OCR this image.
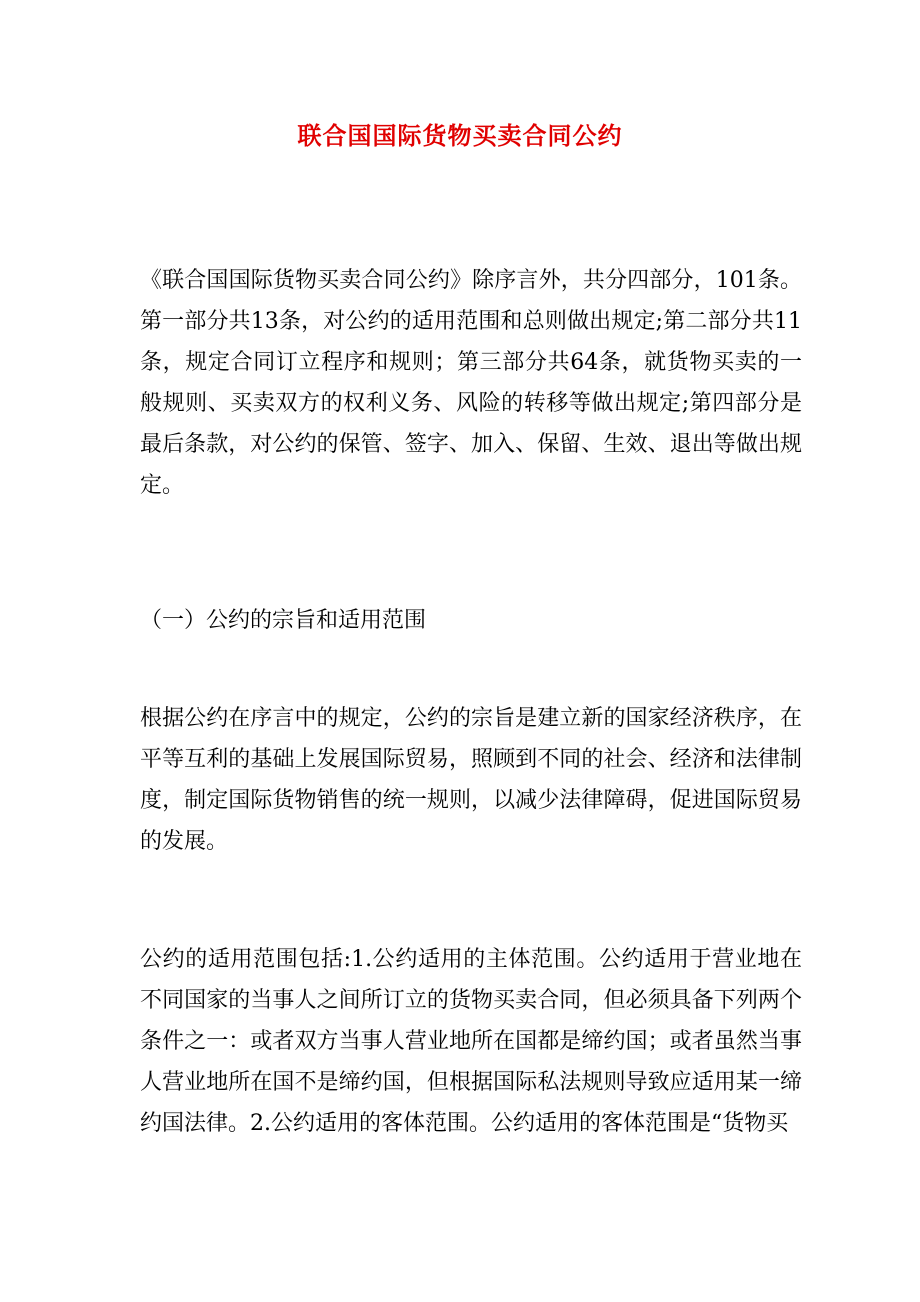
联合国国际货物买卖合同公约

《联合国国际货物买卖合同公约》除序言外，共分四部分，101条。第一部分共13条，对公约的适用范围和总则做出规定;第二部分共11条，规定合同订立程序和规则；第三部分共64条，就货物买卖的一般规则、买卖双方的权利义务、风险的转移等做出规定;第四部分是最后条款，对公约的保管、签字、加入、保留、生效、退出等做出规定。

（一）公约的宗旨和适用范围

根据公约在序言中的规定，公约的宗旨是建立新的国家经济秩序，在平等互利的基础上发展国际贸易，照顾到不同的社会、经济和法律制度，制定国际货物销售的统一规则，以减少法律障碍，促进国际贸易的发展。

公约的适用范围包括:1.公约适用的主体范围。公约适用于营业地在不同国家的当事人之间所订立的货物买卖合同，但必须具备下列两个条件之一：或者双方当事人营业地所在国都是缔约国；或者虽然当事人营业地所在国不是缔约国，但根据国际私法规则导致应适用某一缔约国法律。2.公约适用的客体范围。公约适用的客体范围是“货物买
